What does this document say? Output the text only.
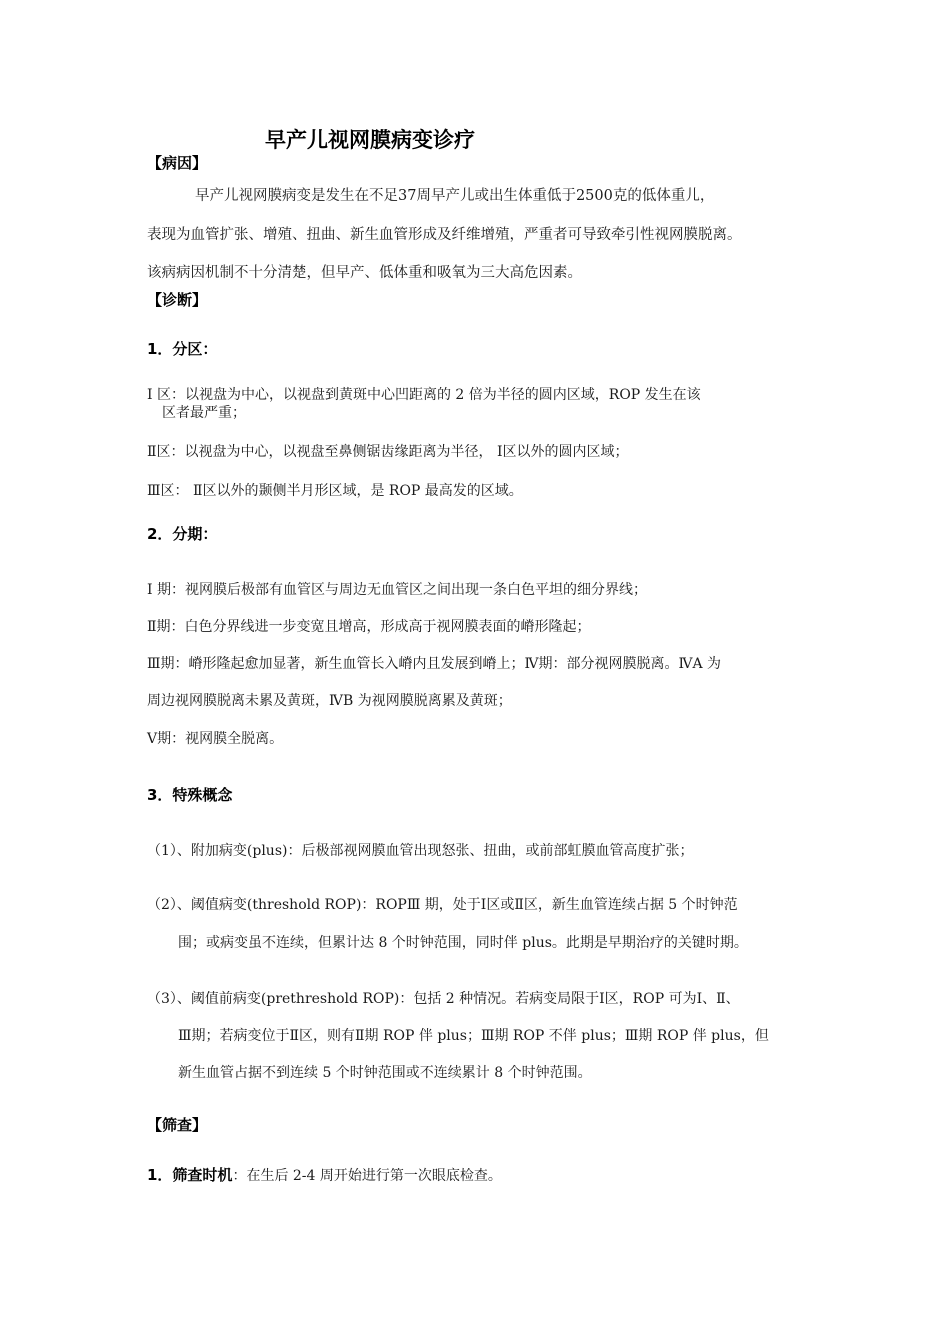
早产儿视网膜病变诊疗
【病因】
早产儿视网膜病变是发生在不足37周早产儿或出生体重低于2500克的低体重儿，
表现为血管扩张、增殖、扭曲、新生血管形成及纤维增殖，严重者可导致牵引性视网膜脱离。
该病病因机制不十分清楚，但早产、低体重和吸氧为三大高危因素。
【诊断】
1．分区：
Ⅰ 区：以视盘为中心，以视盘到黄斑中心凹距离的 2 倍为半径的圆内区域，ROP 发生在该
区者最严重；
Ⅱ区：以视盘为中心，以视盘至鼻侧锯齿缘距离为半径， Ⅰ区以外的圆内区域；
Ⅲ区： Ⅱ区以外的颞侧半月形区域，是 ROP 最高发的区域。
2．分期：
Ⅰ 期：视网膜后极部有血管区与周边无血管区之间出现一条白色平坦的细分界线；
Ⅱ期：白色分界线进一步变宽且增高，形成高于视网膜表面的嵴形隆起；
Ⅲ期：嵴形隆起愈加显著，新生血管长入嵴内且发展到嵴上；Ⅳ期：部分视网膜脱离。ⅣA 为
周边视网膜脱离未累及黄斑，ⅣB 为视网膜脱离累及黄斑；
Ⅴ期：视网膜全脱离。
3．特殊概念
（1）、附加病变(plus)：后极部视网膜血管出现怒张、扭曲，或前部虹膜血管高度扩张；
（2）、阈值病变(threshold ROP)：ROPⅢ 期，处于Ⅰ区或Ⅱ区，新生血管连续占据 5 个时钟范
围；或病变虽不连续，但累计达 8 个时钟范围，同时伴 plus。此期是早期治疗的关键时期。
（3）、阈值前病变(prethreshold ROP)：包括 2 种情况。若病变局限于Ⅰ区，ROP 可为Ⅰ、Ⅱ、
Ⅲ期；若病变位于Ⅱ区，则有Ⅱ期 ROP 伴 plus；Ⅲ期 ROP 不伴 plus；Ⅲ期 ROP 伴 plus，但
新生血管占据不到连续 5 个时钟范围或不连续累计 8 个时钟范围。
【筛查】
1．筛查时机：在生后 2-4 周开始进行第一次眼底检查。
